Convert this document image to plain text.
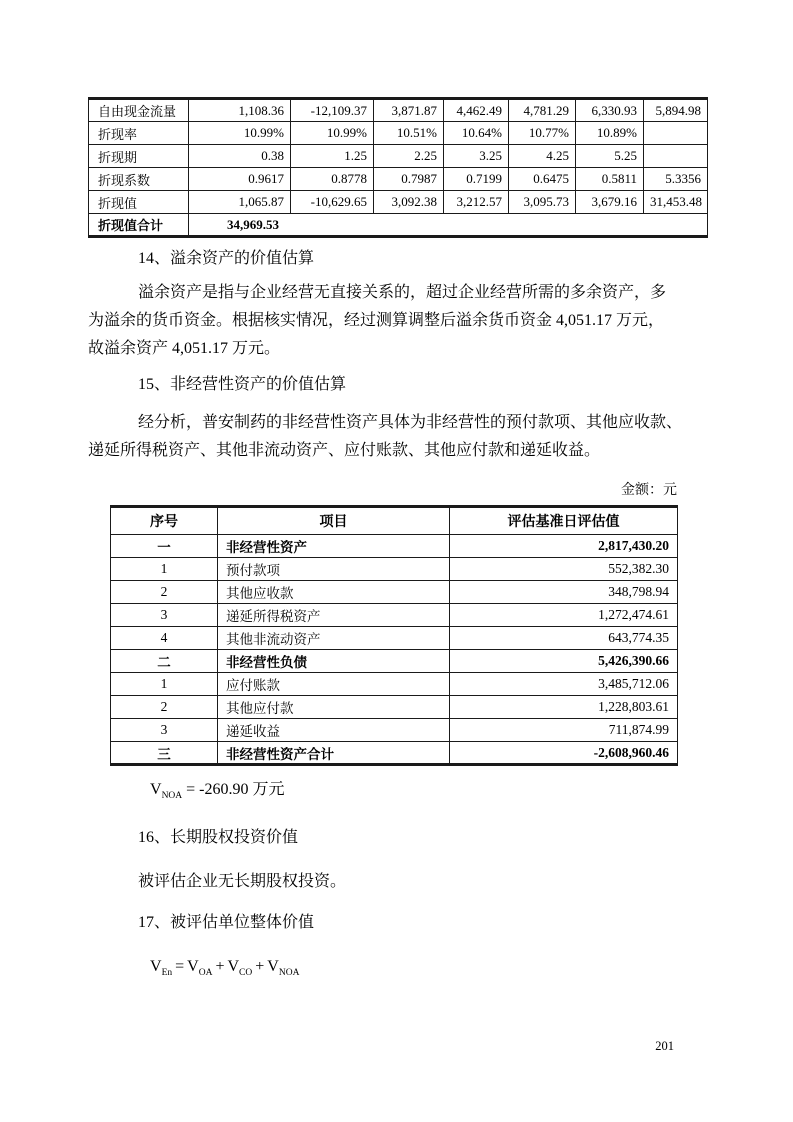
自由现金流量	1,108.36	-12,109.37	3,871.87	4,462.49	4,781.29	6,330.93	5,894.98
折现率	10.99%	10.99%	10.51%	10.64%	10.77%	10.89%	
折现期	0.38	1.25	2.25	3.25	4.25	5.25	
折现系数	0.9617	0.8778	0.7987	0.7199	0.6475	0.5811	5.3356
折现值	1,065.87	-10,629.65	3,092.38	3,212.57	3,095.73	3,679.16	31,453.48
折现值合计	34,969.53						
14、溢余资产的价值估算
溢余资产是指与企业经营无直接关系的，超过企业经营所需的多余资产，多
为溢余的货币资金。根据核实情况，经过测算调整后溢余货币资金 4,051.17 万元，
故溢余资产 4,051.17 万元。
15、非经营性资产的价值估算
经分析，普安制药的非经营性资产具体为非经营性的预付款项、其他应收款、
递延所得税资产、其他非流动资产、应付账款、其他应付款和递延收益。
金额：元
序号	项目	评估基准日评估值
一	非经营性资产	2,817,430.20
1	预付款项	552,382.30
2	其他应收款	348,798.94
3	递延所得税资产	1,272,474.61
4	其他非流动资产	643,774.35
二	非经营性负债	5,426,390.66
1	应付账款	3,485,712.06
2	其他应付款	1,228,803.61
3	递延收益	711,874.99
三	非经营性资产合计	-2,608,960.46
$V_{NOA} = -260.90$ 万元
16、长期股权投资价值
被评估企业无长期股权投资。
17、被评估单位整体价值
$V_{En} = V_{OA} + V_{CO} + V_{NOA}$
201
